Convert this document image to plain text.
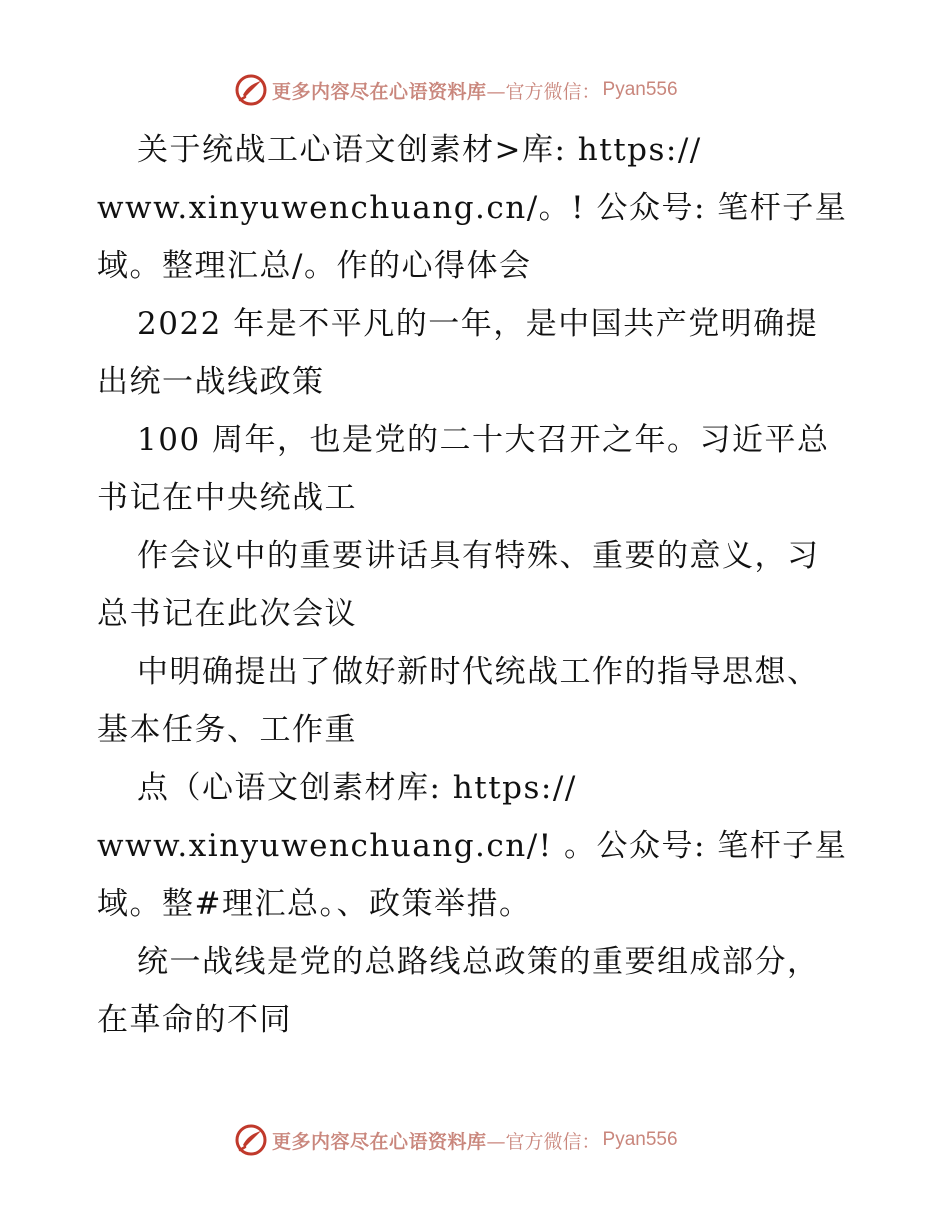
更多内容尽在心语资料库 —官方微信： Pyan556
关于统战工心语文创素材>库: https://
www.xinyuwenchuang.cn/。! 公众号: 笔杆子星
域。整理汇总/。作的心得体会
2022 年是不平凡的一年，是中国共产党明确提
出统一战线政策
100 周年，也是党的二十大召开之年。习近平总
书记在中央统战工
作会议中的重要讲话具有特殊、重要的意义，习
总书记在此次会议
中明确提出了做好新时代统战工作的指导思想、
基本任务、工作重
点（心语文创素材库: https://
www.xinyuwenchuang.cn/! 。公众号: 笔杆子星
域。整#理汇总。、政策举措。
统一战线是党的总路线总政策的重要组成部分，
在革命的不同
更多内容尽在心语资料库 —官方微信： Pyan556
